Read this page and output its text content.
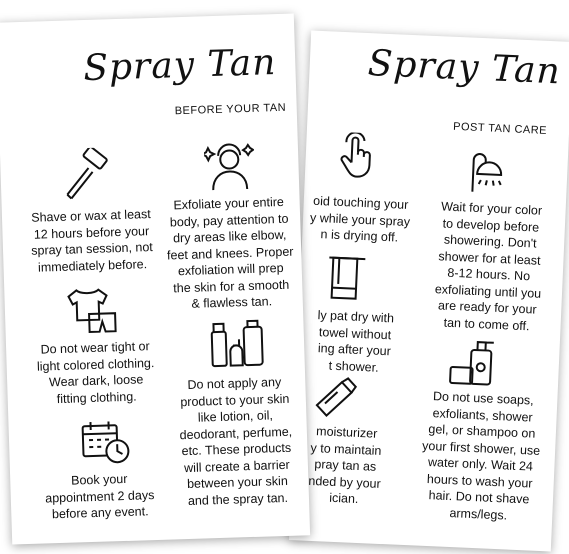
Spray Tan
POST TAN CARE
oid touching your
y while your spray
n is drying off.
Wait for your color
to develop before
showering. Don't
shower for at least
8-12 hours. No
exfoliating until you
are ready for your
tan to come off.
ly pat dry with
towel without
ing after your
t shower.
Do not use soaps,
exfoliants, shower
gel, or shampoo on
your first shower, use
water only. Wait 24
hours to wash your
hair. Do not shave
arms/legs.
moisturizer
y to maintain
pray tan as
nded by your
ician.
Spray Tan
BEFORE YOUR TAN
Shave or wax at least
12 hours before your
spray tan session, not
immediately before.
Exfoliate your entire
body, pay attention to
dry areas like elbow,
feet and knees. Proper
exfoliation will prep
the skin for a smooth
& flawless tan.
Do not wear tight or
light colored clothing.
Wear dark, loose
fitting clothing.
Do not apply any
product to your skin
like lotion, oil,
deodorant, perfume,
etc. These products
will create a barrier
between your skin
and the spray tan.
Book your
appointment 2 days
before any event.
